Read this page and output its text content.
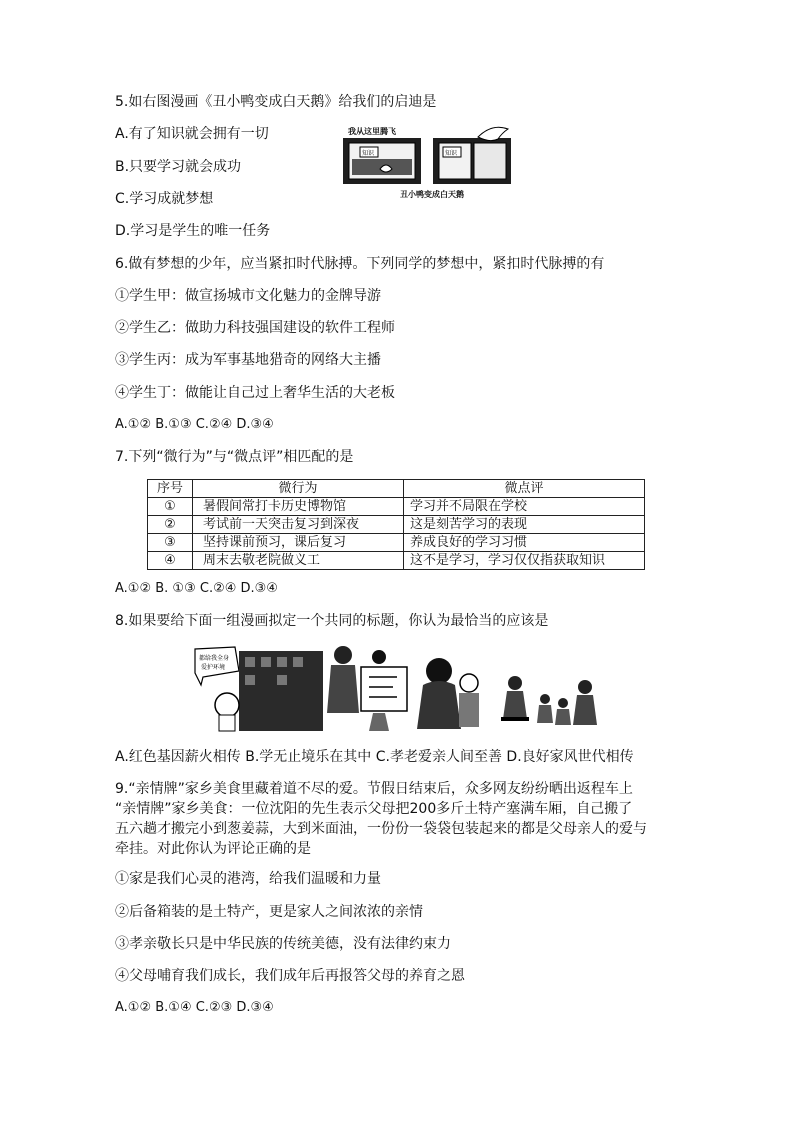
5.如右图漫画《丑小鸭变成白天鹅》给我们的启迪是
A.有了知识就会拥有一切
B.只要学习就会成功
C.学习成就梦想
D.学习是学生的唯一任务
我从这里腾飞
知识	知识
丑小鸭变成白天鹅
6.做有梦想的少年，应当紧扣时代脉搏。下列同学的梦想中，紧扣时代脉搏的有
①学生甲：做宣扬城市文化魅力的金牌导游
②学生乙：做助力科技强国建设的软件工程师
③学生丙：成为军事基地猎奇的网络大主播
④学生丁：做能让自己过上奢华生活的大老板
A.①② B.①③ C.②④ D.③④
7.下列“微行为”与“微点评”相匹配的是
序号	微行为	微点评
①	暑假间常打卡历史博物馆	学习并不局限在学校
②	考试前一天突击复习到深夜	这是刻苦学习的表现
③	坚持课前预习，课后复习	养成良好的学习习惯
④	周末去敬老院做义工	这不是学习，学习仅仅指获取知识
A.①② B. ①③ C.②④ D.③④
8.如果要给下面一组漫画拟定一个共同的标题，你认为最恰当的应该是
都给我全身
爱护环境
A.红色基因薪火相传 B.学无止境乐在其中 C.孝老爱亲人间至善 D.良好家风世代相传
9.“亲情牌”家乡美食里藏着道不尽的爱。节假日结束后，众多网友纷纷晒出返程车上
“亲情牌”家乡美食：一位沈阳的先生表示父母把200多斤土特产塞满车厢，自己搬了
五六趟才搬完小到葱姜蒜，大到米面油，一份份一袋袋包装起来的都是父母亲人的爱与
牵挂。对此你认为评论正确的是
①家是我们心灵的港湾，给我们温暖和力量
②后备箱装的是土特产，更是家人之间浓浓的亲情
③孝亲敬长只是中华民族的传统美德，没有法律约束力
④父母哺育我们成长，我们成年后再报答父母的养育之恩
A.①② B.①④ C.②③ D.③④
